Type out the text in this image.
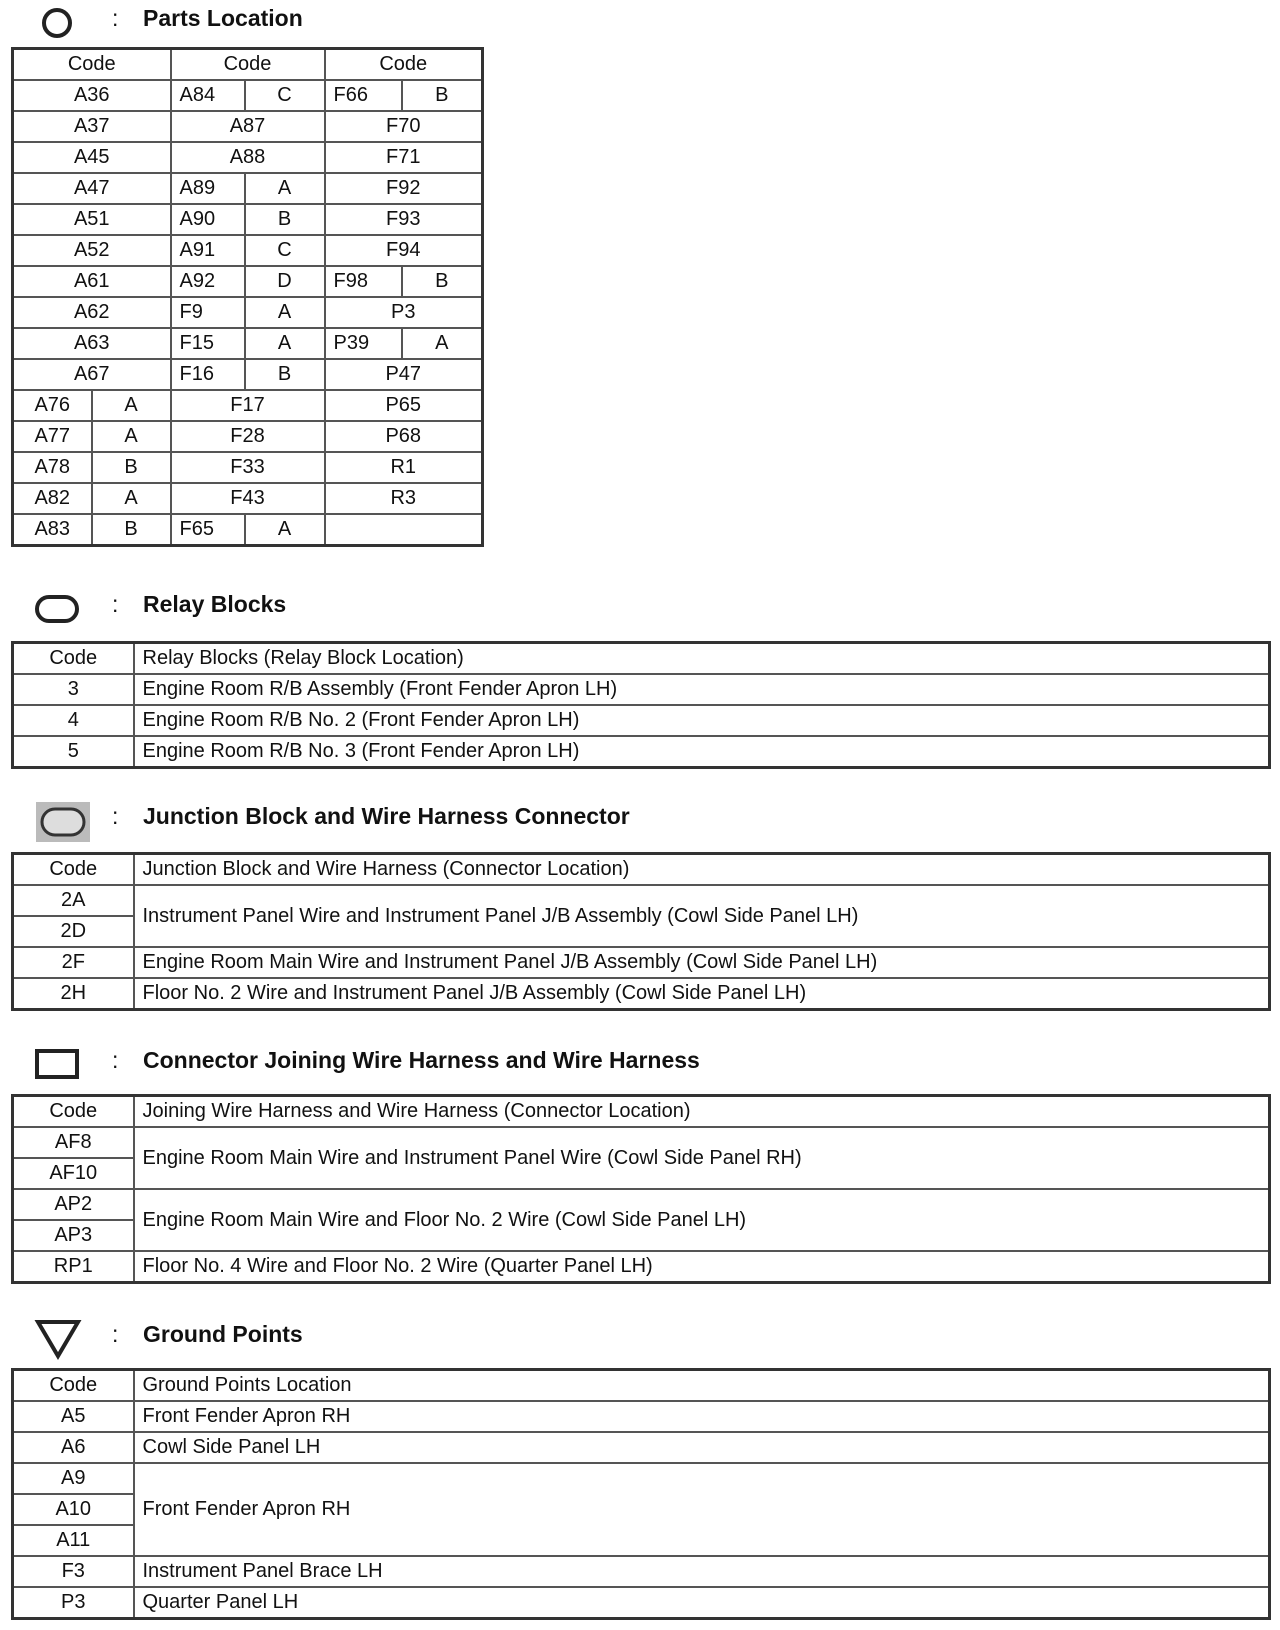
: Parts Location
Code		Code		Code	
A36		A84	C	F66	B
A37		A87		F70	
A45		A88		F71	
A47		A89	A	F92	
A51		A90	B	F93	
A52		A91	C	F94	
A61		A92	D	F98	B
A62		F9	A	P3	
A63		F15	A	P39	A
A67		F16	B	P47	
A76	A	F17		P65	
A77	A	F28		P68	
A78	B	F33		R1	
A82	A	F43		R3	
A83	B	F65	A		
: Relay Blocks
Code	Relay Blocks (Relay Block Location)
3	Engine Room R/B Assembly (Front Fender Apron LH)
4	Engine Room R/B No. 2 (Front Fender Apron LH)
5	Engine Room R/B No. 3 (Front Fender Apron LH)
: Junction Block and Wire Harness Connector
Code	Junction Block and Wire Harness (Connector Location)
2A	Instrument Panel Wire and Instrument Panel J/B Assembly (Cowl Side Panel LH)
2D	
2F	Engine Room Main Wire and Instrument Panel J/B Assembly (Cowl Side Panel LH)
2H	Floor No. 2 Wire and Instrument Panel J/B Assembly (Cowl Side Panel LH)
: Connector Joining Wire Harness and Wire Harness
Code	Joining Wire Harness and Wire Harness (Connector Location)
AF8	Engine Room Main Wire and Instrument Panel Wire (Cowl Side Panel RH)
AF10	
AP2	Engine Room Main Wire and Floor No. 2 Wire (Cowl Side Panel LH)
AP3	
RP1	Floor No. 4 Wire and Floor No. 2 Wire (Quarter Panel LH)
: Ground Points
Code	Ground Points Location
A5	Front Fender Apron RH
A6	Cowl Side Panel LH
A9	Front Fender Apron RH
A10	
A11	
F3	Instrument Panel Brace LH
P3	Quarter Panel LH
